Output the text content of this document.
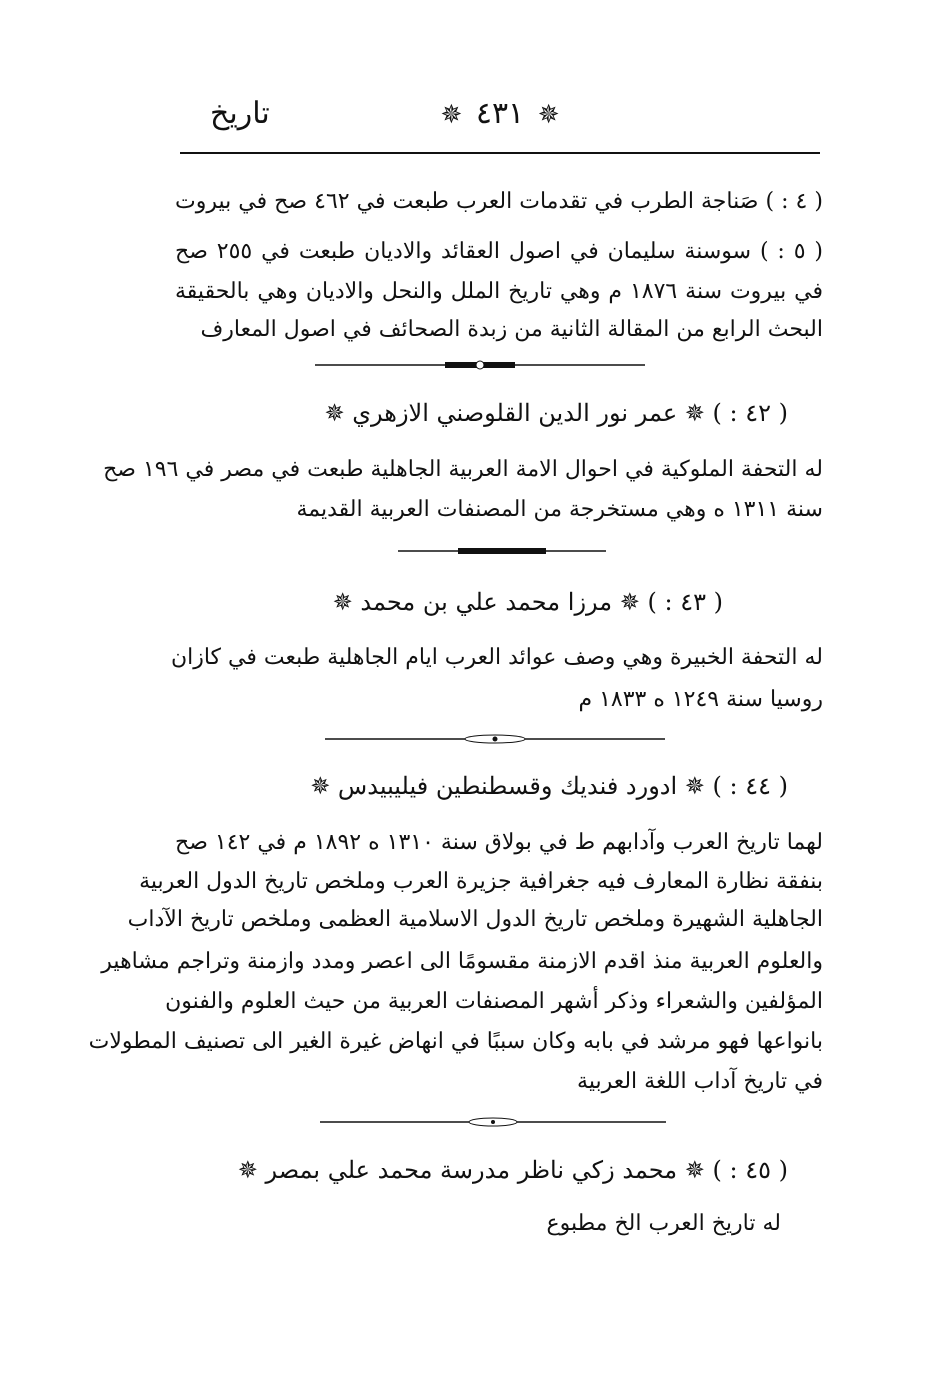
✵ ٤٣١ ✵
تاريخ
( ٤ : ) صَناجة الطرب في تقدمات العرب طبعت في ٤٦٢ صح في بيروت
( ٥ : ) سوسنة سليمان في اصول العقائد والاديان طبعت في ٢٥٥ صح
في بيروت سنة ١٨٧٦ م وهي تاريخ الملل والنحل والاديان وهي بالحقيقة
البحث الرابع من المقالة الثانية من زبدة الصحائف في اصول المعارف
( ٤٢ : ) ✵ عمر نور الدين القلوصني الازهري ✵
له التحفة الملوكية في احوال الامة العربية الجاهلية طبعت في مصر في ١٩٦ صح
سنة ١٣١١ ه وهي مستخرجة من المصنفات العربية القديمة
( ٤٣ : ) ✵ مرزا محمد علي بن محمد ✵
له التحفة الخبيرة وهي وصف عوائد العرب ايام الجاهلية طبعت في كازان
روسيا سنة ١٢٤٩ ه ١٨٣٣ م
( ٤٤ : ) ✵ ادورد فنديك وقسطنطين فيليبيدس ✵
لهما تاريخ العرب وآدابهم ط في بولاق سنة ١٣١٠ ه ١٨٩٢ م في ١٤٢ صح
بنفقة نظارة المعارف فيه جغرافية جزيرة العرب وملخص تاريخ الدول العربية
الجاهلية الشهيرة وملخص تاريخ الدول الاسلامية العظمى وملخص تاريخ الآداب
والعلوم العربية منذ اقدم الازمنة مقسومًا الى اعصر ومدد وازمنة وتراجم مشاهير
المؤلفين والشعراء وذكر أشهر المصنفات العربية من حيث العلوم والفنون
بانواعها فهو مرشد في بابه وكان سببًا في انهاض غيرة الغير الى تصنيف المطولات
في تاريخ آداب اللغة العربية
( ٤٥ : ) ✵ محمد زكي ناظر مدرسة محمد علي بمصر ✵
له تاريخ العرب الخ مطبوع
